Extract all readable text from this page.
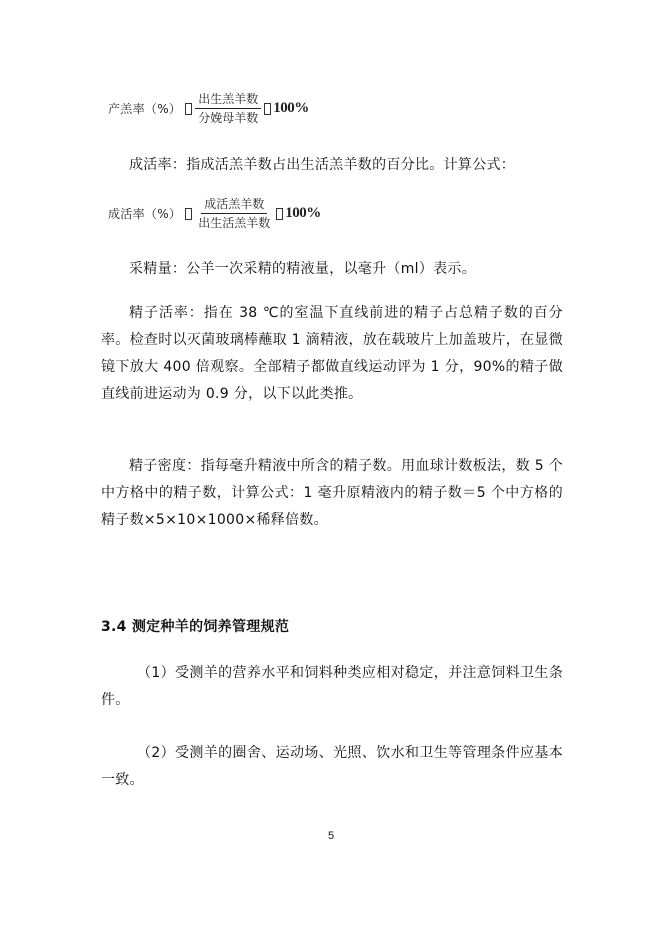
产羔率（%） $\frac{\text{出生羔羊数}}{\text{分娩母羊数}} 100\%$

成活率：指成活羔羊数占出生活羔羊数的百分比。计算公式：

成活率（%） $\frac{\text{成活羔羊数}}{\text{出生活羔羊数}} 100\%$

采精量：公羊一次采精的精液量，以毫升（ml）表示。

精子活率：指在 38 ℃的室温下直线前进的精子占总精子数的百分率。检查时以灭菌玻璃棒蘸取 1 滴精液，放在载玻片上加盖玻片，在显微镜下放大 400 倍观察。全部精子都做直线运动评为 1 分，90%的精子做直线前进运动为 0.9 分，以下以此类推。

精子密度：指每毫升精液中所含的精子数。用血球计数板法，数 5 个中方格中的精子数，计算公式：1 毫升原精液内的精子数＝5 个中方格的精子数×5×10×1000×稀释倍数。

3.4 测定种羊的饲养管理规范

（1）受测羊的营养水平和饲料种类应相对稳定，并注意饲料卫生条件。

（2）受测羊的圈舍、运动场、光照、饮水和卫生等管理条件应基本一致。

5
